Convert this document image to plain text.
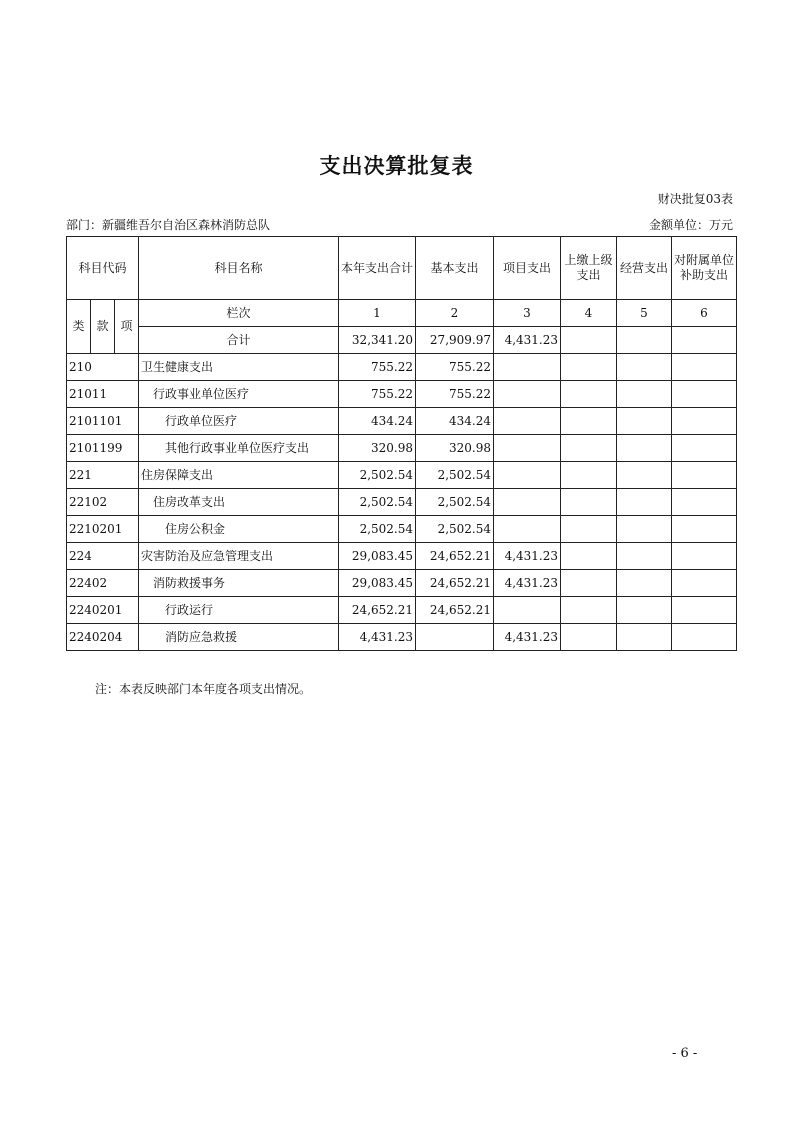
支出决算批复表
财决批复03表
部门：新疆维吾尔自治区森林消防总队	金额单位：万元
科目代码			科目名称	本年支出合计	基本支出	项目支出	上缴上级支出	经营支出	对附属单位补助支出
类	款	项	栏次	1	2	3	4	5	6
			合计	32,341.20	27,909.97	4,431.23			
210			卫生健康支出	755.22	755.22				
21011			行政事业单位医疗	755.22	755.22				
2101101			行政单位医疗	434.24	434.24				
2101199			其他行政事业单位医疗支出	320.98	320.98				
221			住房保障支出	2,502.54	2,502.54				
22102			住房改革支出	2,502.54	2,502.54				
2210201			住房公积金	2,502.54	2,502.54				
224			灾害防治及应急管理支出	29,083.45	24,652.21	4,431.23			
22402			消防救援事务	29,083.45	24,652.21	4,431.23			
2240201			行政运行	24,652.21	24,652.21				
2240204			消防应急救援	4,431.23		4,431.23			
注：本表反映部门本年度各项支出情况。
- 6 -
